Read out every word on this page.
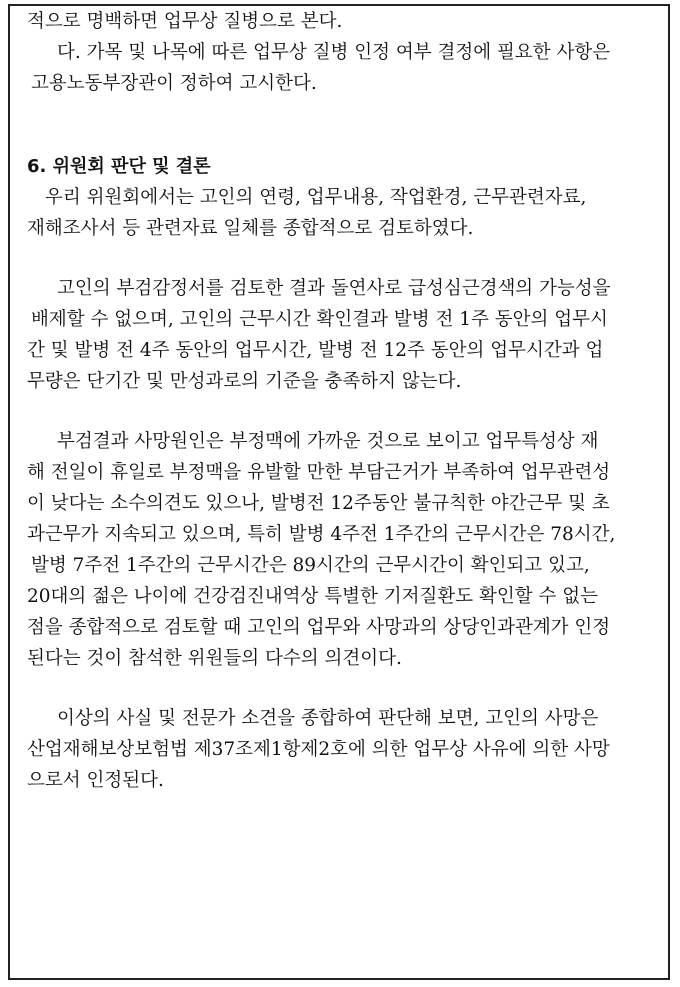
적으로 명백하면 업무상 질병으로 본다.
다. 가목 및 나목에 따른 업무상 질병 인정 여부 결정에 필요한 사항은
고용노동부장관이 정하여 고시한다.
6. 위원회 판단 및 결론
우리 위원회에서는 고인의 연령, 업무내용, 작업환경, 근무관련자료,
재해조사서 등 관련자료 일체를 종합적으로 검토하였다.
고인의 부검감정서를 검토한 결과 돌연사로 급성심근경색의 가능성을
배제할 수 없으며, 고인의 근무시간 확인결과 발병 전 1주 동안의 업무시
간 및 발병 전 4주 동안의 업무시간, 발병 전 12주 동안의 업무시간과 업
무량은 단기간 및 만성과로의 기준을 충족하지 않는다.
부검결과 사망원인은 부정맥에 가까운 것으로 보이고 업무특성상 재
해 전일이 휴일로 부정맥을 유발할 만한 부담근거가 부족하여 업무관련성
이 낮다는 소수의견도 있으나, 발병전 12주동안 불규칙한 야간근무 및 초
과근무가 지속되고 있으며, 특히 발병 4주전 1주간의 근무시간은 78시간,
발병 7주전 1주간의 근무시간은 89시간의 근무시간이 확인되고 있고,
20대의 젊은 나이에 건강검진내역상 특별한 기저질환도 확인할 수 없는
점을 종합적으로 검토할 때 고인의 업무와 사망과의 상당인과관계가 인정
된다는 것이 참석한 위원들의 다수의 의견이다.
이상의 사실 및 전문가 소견을 종합하여 판단해 보면, 고인의 사망은
산업재해보상보험법 제37조제1항제2호에 의한 업무상 사유에 의한 사망
으로서 인정된다.
